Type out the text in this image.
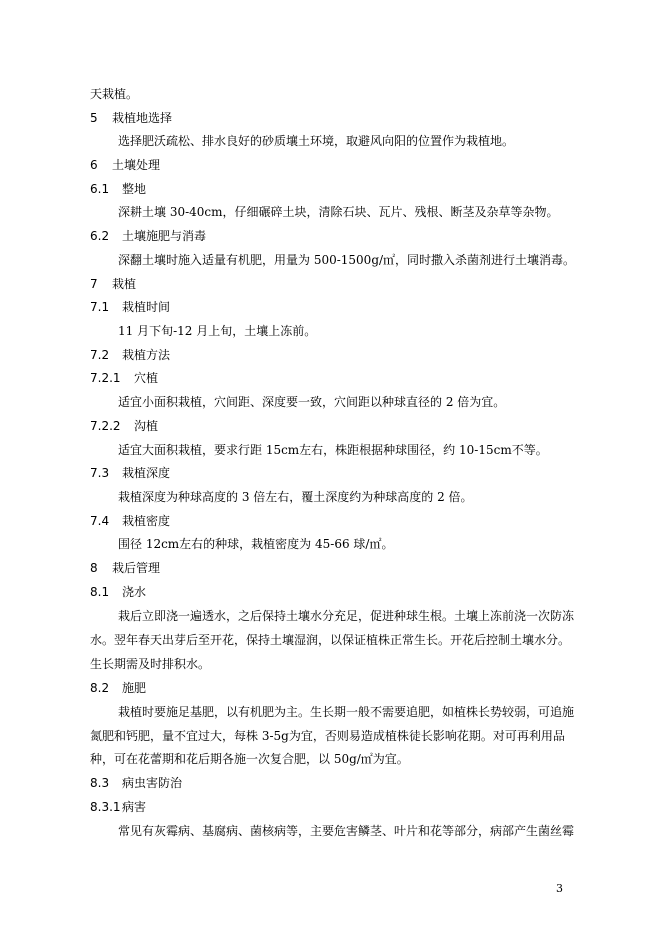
天栽植。
5 栽植地选择
选择肥沃疏松、排水良好的砂质壤土环境，取避风向阳的位置作为栽植地。
6 土壤处理
6.1 整地
深耕土壤 30-40cm，仔细碾碎土块，清除石块、瓦片、残根、断茎及杂草等杂物。
6.2 土壤施肥与消毒
深翻土壤时施入适量有机肥，用量为 500-1500g/㎡，同时撒入杀菌剂进行土壤消毒。
7 栽植
7.1 栽植时间
11 月下旬-12 月上旬，土壤上冻前。
7.2 栽植方法
7.2.1 穴植
适宜小面积栽植，穴间距、深度要一致，穴间距以种球直径的 2 倍为宜。
7.2.2 沟植
适宜大面积栽植，要求行距 15cm左右，株距根据种球围径，约 10-15cm不等。
7.3 栽植深度
栽植深度为种球高度的 3 倍左右，覆土深度约为种球高度的 2 倍。
7.4 栽植密度
围径 12cm左右的种球，栽植密度为 45-66 球/㎡。
8 栽后管理
8.1 浇水
栽后立即浇一遍透水，之后保持土壤水分充足，促进种球生根。土壤上冻前浇一次防冻
水。翌年春天出芽后至开花，保持土壤湿润，以保证植株正常生长。开花后控制土壤水分。
生长期需及时排积水。
8.2 施肥
栽植时要施足基肥，以有机肥为主。生长期一般不需要追肥，如植株长势较弱，可追施
氮肥和钙肥，量不宜过大，每株 3-5g为宜，否则易造成植株徒长影响花期。对可再利用品
种，可在花蕾期和花后期各施一次复合肥，以 50g/㎡为宜。
8.3 病虫害防治
8.3.1病害
常见有灰霉病、基腐病、菌核病等，主要危害鳞茎、叶片和花等部分，病部产生菌丝霉
3
